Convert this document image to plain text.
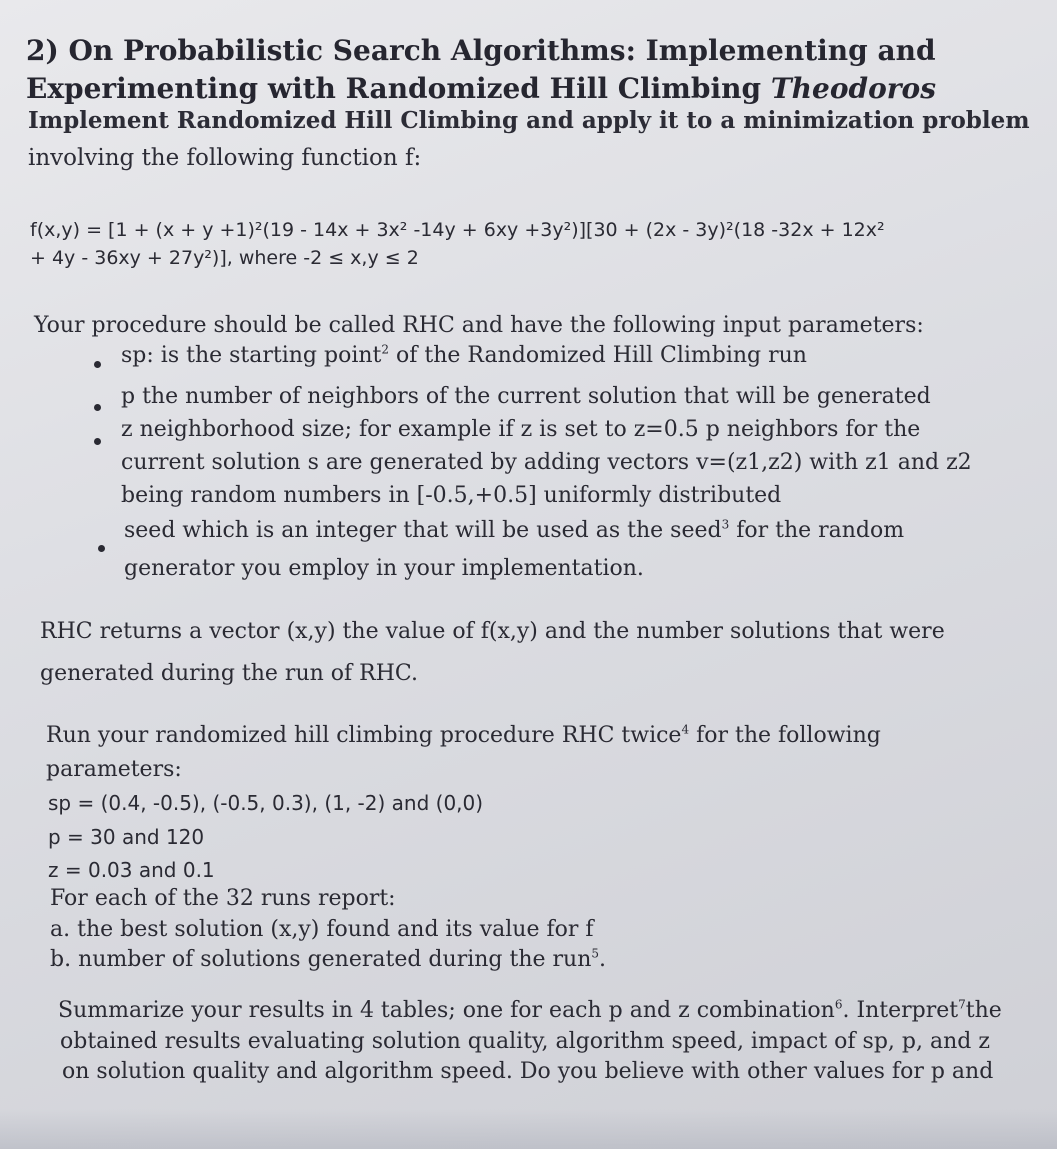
2) On Probabilistic Search Algorithms: Implementing and
Experimenting with Randomized Hill Climbing Theodoros
Implement Randomized Hill Climbing and apply it to a minimization problem
involving the following function f:
f(x,y) = [1 + (x + y +1)²(19 - 14x + 3x² -14y + 6xy +3y²)][30 + (2x - 3y)²(18 -32x + 12x²
+ 4y - 36xy + 27y²)], where -2 ≤ x,y ≤ 2
Your procedure should be called RHC and have the following input parameters:
sp: is the starting point$^2$ of the Randomized Hill Climbing run
p the number of neighbors of the current solution that will be generated
z neighborhood size; for example if z is set to z=0.5 p neighbors for the
current solution s are generated by adding vectors v=(z1,z2) with z1 and z2
being random numbers in [-0.5,+0.5] uniformly distributed
seed which is an integer that will be used as the seed$^3$ for the random
generator you employ in your implementation.
RHC returns a vector (x,y) the value of f(x,y) and the number solutions that were
generated during the run of RHC.
Run your randomized hill climbing procedure RHC twice$^4$ for the following
parameters:
sp = (0.4, -0.5), (-0.5, 0.3), (1, -2) and (0,0)
p = 30 and 120
z = 0.03 and 0.1
For each of the 32 runs report:
a. the best solution (x,y) found and its value for f
b. number of solutions generated during the run$^5$.
Summarize your results in 4 tables; one for each p and z combination$^6$. Interpret$^7$the
obtained results evaluating solution quality, algorithm speed, impact of sp, p, and z
on solution quality and algorithm speed. Do you believe with other values for p and
